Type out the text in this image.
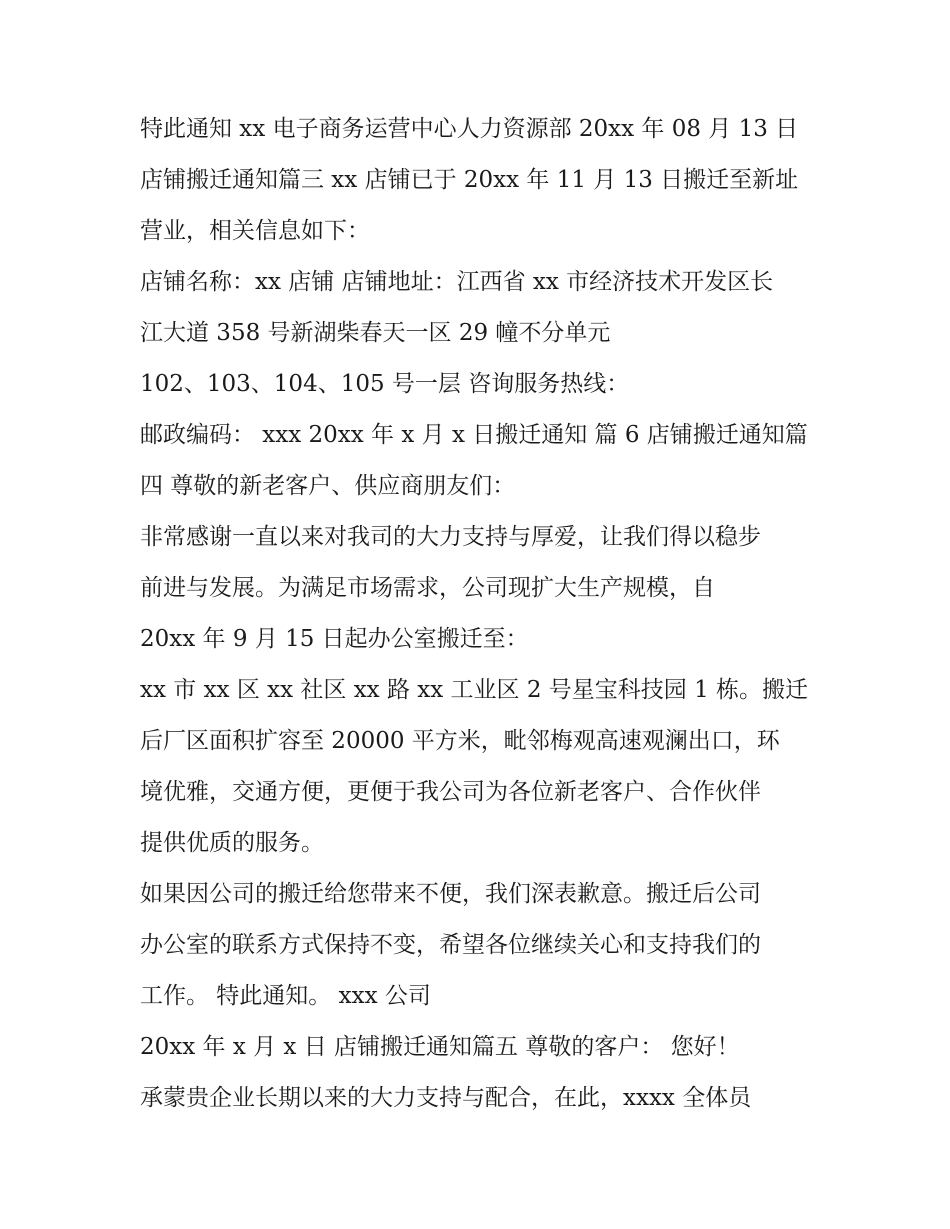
特此通知 xx 电子商务运营中心人力资源部 20xx 年 08 月 13 日
店铺搬迁通知篇三 xx 店铺已于 20xx 年 11 月 13 日搬迁至新址
营业，相关信息如下：
店铺名称：xx 店铺 店铺地址：江西省 xx 市经济技术开发区长
江大道 358 号新湖柴春天一区 29 幢不分单元
102、103、104、105 号一层 咨询服务热线：
邮政编码： xxx 20xx 年 x 月 x 日搬迁通知 篇 6 店铺搬迁通知篇
四 尊敬的新老客户、供应商朋友们：
非常感谢一直以来对我司的大力支持与厚爱，让我们得以稳步
前进与发展。为满足市场需求，公司现扩大生产规模，自
20xx 年 9 月 15 日起办公室搬迁至：
xx 市 xx 区 xx 社区 xx 路 xx 工业区 2 号星宝科技园 1 栋。搬迁
后厂区面积扩容至 20000 平方米，毗邻梅观高速观澜出口，环
境优雅，交通方便，更便于我公司为各位新老客户、合作伙伴
提供优质的服务。
如果因公司的搬迁给您带来不便，我们深表歉意。搬迁后公司
办公室的联系方式保持不变，希望各位继续关心和支持我们的
工作。 特此通知。 xxx 公司
20xx 年 x 月 x 日 店铺搬迁通知篇五 尊敬的客户： 您好！
承蒙贵企业长期以来的大力支持与配合，在此，xxxx 全体员
